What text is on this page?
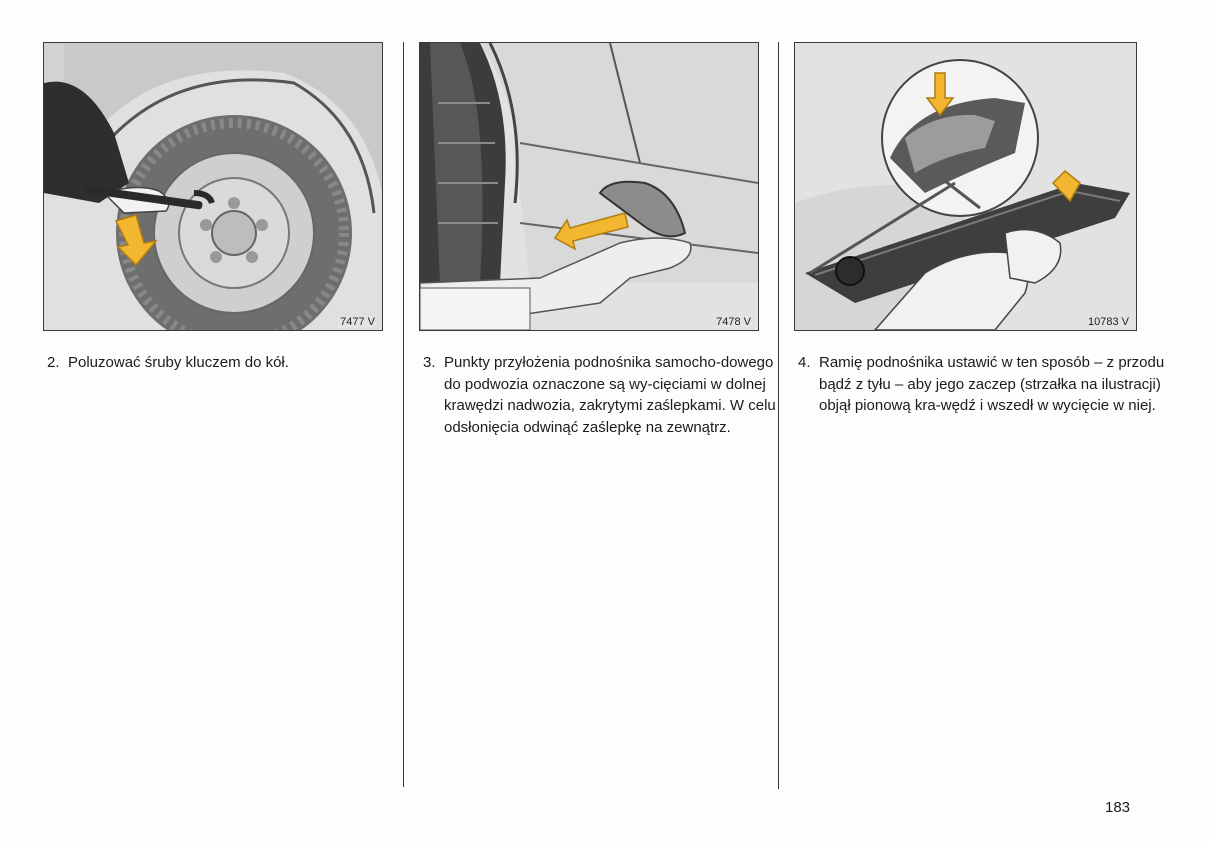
7477 V	7478 V	10783 V

2. Poluzować śruby kluczem do kół.	3. Punkty przyłożenia podnośnika samocho-dowego do podwozia oznaczone są wy-cięciami w dolnej krawędzi nadwozia, zakrytymi zaślepkami. W celu odsłonięcia odwinąć zaślepkę na zewnątrz.

4. Ramię podnośnika ustawić w ten sposób – z przodu bądź z tyłu – aby jego zaczep (strzałka na ilustracji) objął pionową kra-wędź i wszedł w wycięcie w niej.

183
